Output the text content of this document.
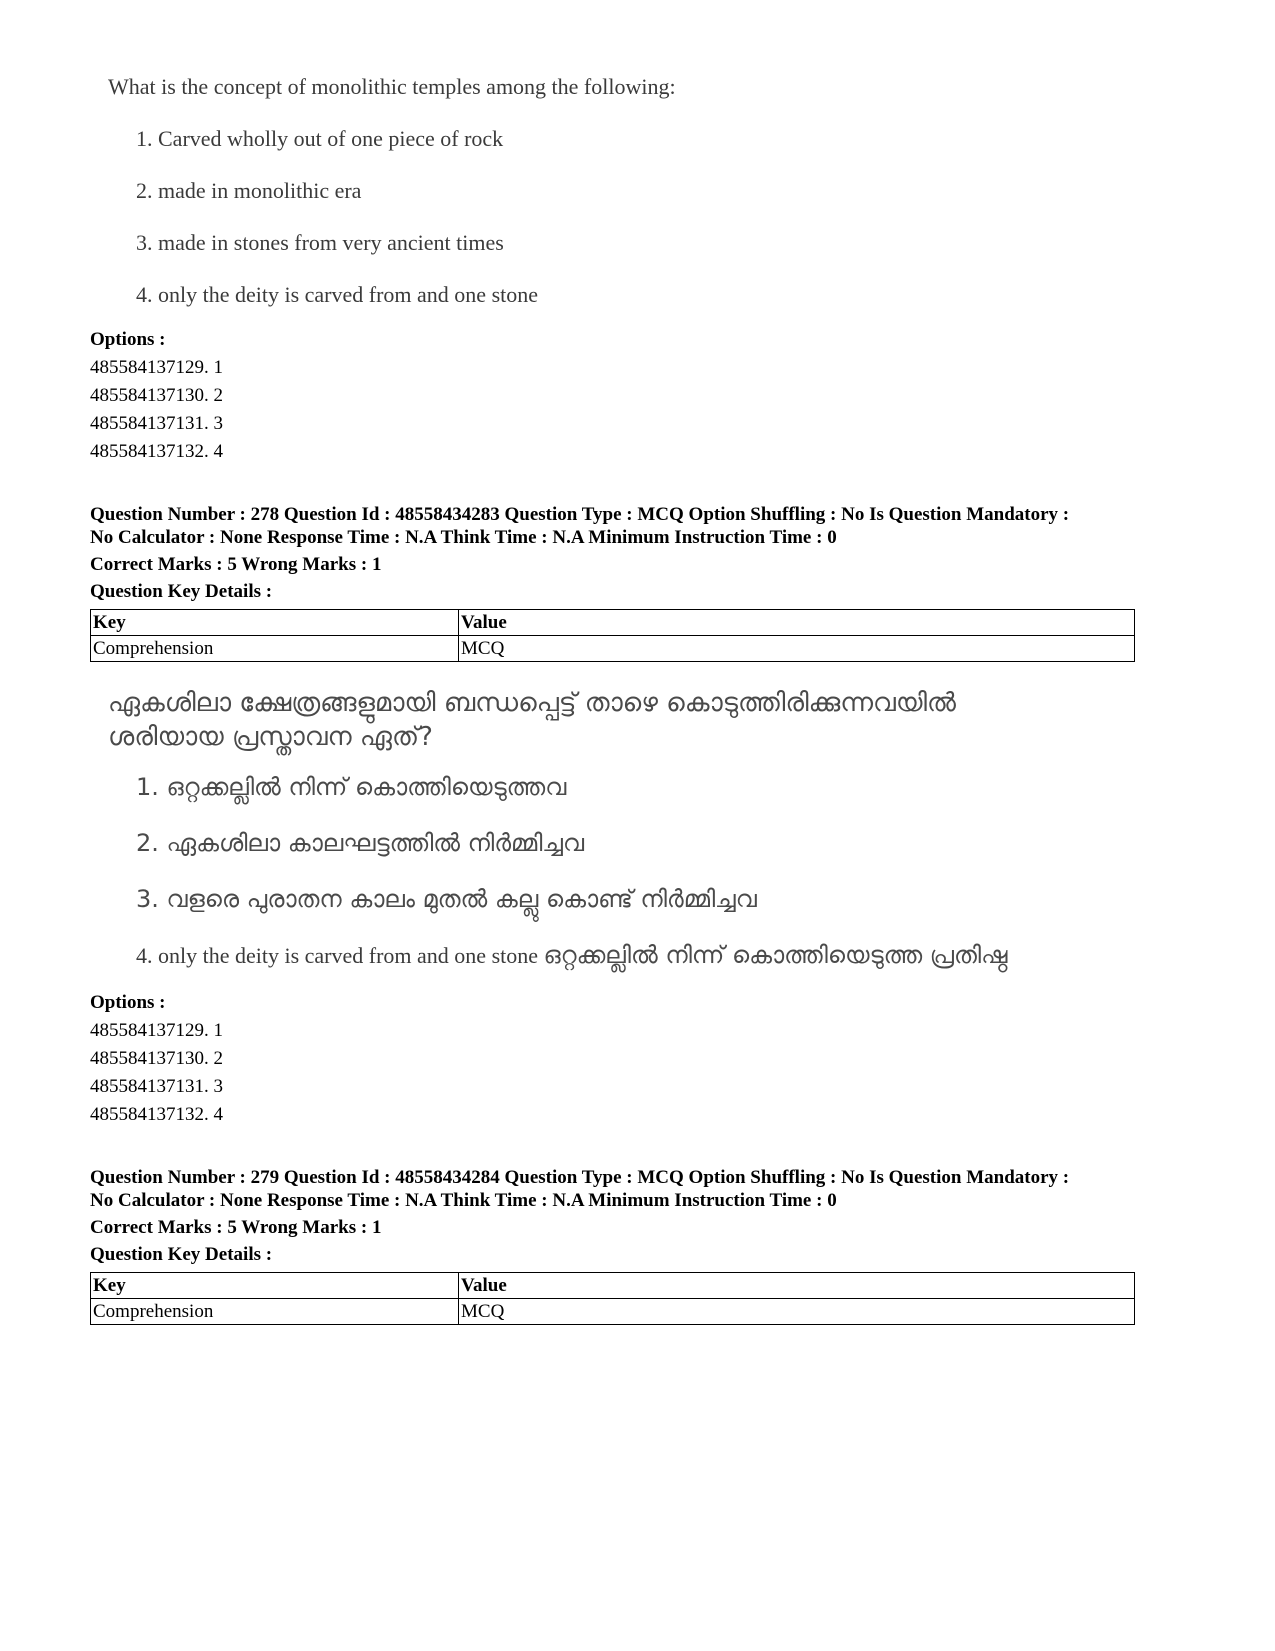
What is the concept of monolithic temples among the following:

1. Carved wholly out of one piece of rock
2. made in monolithic era
3. made in stones from very ancient times
4. only the deity is carved from and one stone
Options :
485584137129. 1
485584137130. 2
485584137131. 3
485584137132. 4
Question Number : 278 Question Id : 48558434283 Question Type : MCQ Option Shuffling : No Is Question Mandatory :
No Calculator : None Response Time : N.A Think Time : N.A Minimum Instruction Time : 0
Correct Marks : 5 Wrong Marks : 1
Question Key Details :
Key	Value
Comprehension	MCQ
ഏകശിലാ ക്ഷേത്രങ്ങളുമായി ബന്ധപ്പെട്ട് താഴെ കൊടുത്തിരിക്കുന്നവയിൽ
ശരിയായ പ്രസ്താവന ഏത്?
1. ഒറ്റക്കല്ലിൽ നിന്ന് കൊത്തിയെടുത്തവ
2. ഏകശിലാ കാലഘട്ടത്തിൽ നിർമ്മിച്ചവ
3. വളരെ പുരാതന കാലം മുതൽ കല്ലു കൊണ്ട് നിർമ്മിച്ചവ
4. only the deity is carved from and one stone ഒറ്റക്കല്ലിൽ നിന്ന് കൊത്തിയെടുത്ത പ്രതിഷ്ഠ
Options :
485584137129. 1
485584137130. 2
485584137131. 3
485584137132. 4
Question Number : 279 Question Id : 48558434284 Question Type : MCQ Option Shuffling : No Is Question Mandatory :
No Calculator : None Response Time : N.A Think Time : N.A Minimum Instruction Time : 0
Correct Marks : 5 Wrong Marks : 1
Question Key Details :
Key	Value
Comprehension	MCQ
